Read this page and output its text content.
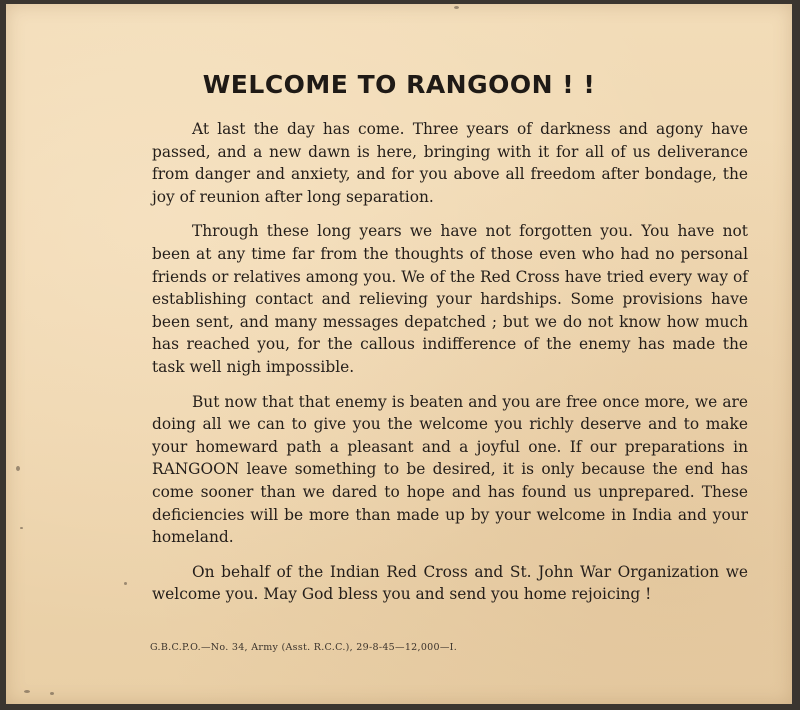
WELCOME TO RANGOON ! !

At last the day has come. Three years of darkness and agony have passed, and a new dawn is here, bringing with it for all of us deliverance from danger and anxiety, and for you above all freedom after bondage, the joy of reunion after long separation.

Through these long years we have not forgotten you. You have not been at any time far from the thoughts of those even who had no personal friends or relatives among you. We of the Red Cross have tried every way of establishing contact and relieving your hardships. Some provisions have been sent, and many messages depatched ; but we do not know how much has reached you, for the callous indifference of the enemy has made the task well nigh impossible.

But now that that enemy is beaten and you are free once more, we are doing all we can to give you the welcome you richly deserve and to make your homeward path a pleasant and a joyful one. If our preparations in RANGOON leave something to be desired, it is only because the end has come sooner than we dared to hope and has found us unprepared. These deficiencies will be more than made up by your welcome in India and your homeland.

On behalf of the Indian Red Cross and St. John War Organization we welcome you. May God bless you and send you home rejoicing !

G.B.C.P.O.—No. 34, Army (Asst. R.C.C.), 29-8-45—12,000—I.
